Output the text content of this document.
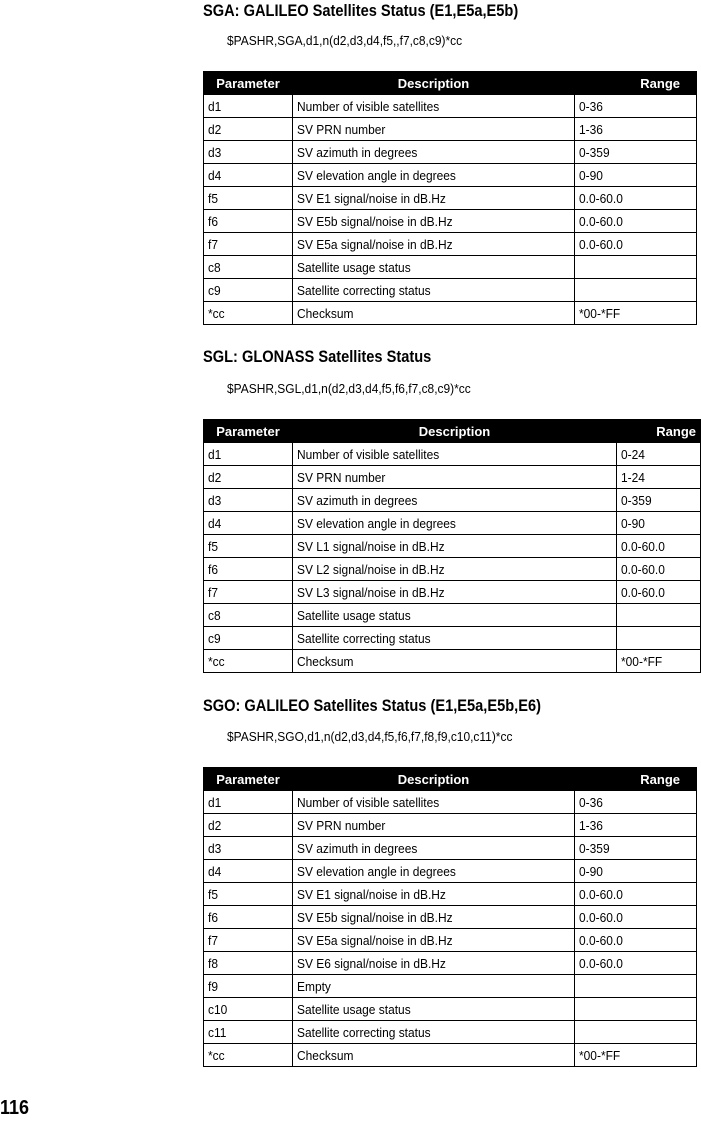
SGA: GALILEO Satellites Status (E1,E5a,E5b)
$PASHR,SGA,d1,n(d2,d3,d4,f5,,f7,c8,c9)*cc
Parameter	Description	Range
d1	Number of visible satellites	0-36
d2	SV PRN number	1-36
d3	SV azimuth in degrees	0-359
d4	SV elevation angle in degrees	0-90
f5	SV E1 signal/noise in dB.Hz	0.0-60.0
f6	SV E5b signal/noise in dB.Hz	0.0-60.0
f7	SV E5a signal/noise in dB.Hz	0.0-60.0
c8	Satellite usage status	
c9	Satellite correcting status	
*cc	Checksum	*00-*FF
SGL: GLONASS Satellites Status
$PASHR,SGL,d1,n(d2,d3,d4,f5,f6,f7,c8,c9)*cc
Parameter	Description	Range
d1	Number of visible satellites	0-24
d2	SV PRN number	1-24
d3	SV azimuth in degrees	0-359
d4	SV elevation angle in degrees	0-90
f5	SV L1 signal/noise in dB.Hz	0.0-60.0
f6	SV L2 signal/noise in dB.Hz	0.0-60.0
f7	SV L3 signal/noise in dB.Hz	0.0-60.0
c8	Satellite usage status	
c9	Satellite correcting status	
*cc	Checksum	*00-*FF
SGO: GALILEO Satellites Status (E1,E5a,E5b,E6)
$PASHR,SGO,d1,n(d2,d3,d4,f5,f6,f7,f8,f9,c10,c11)*cc
Parameter	Description	Range
d1	Number of visible satellites	0-36
d2	SV PRN number	1-36
d3	SV azimuth in degrees	0-359
d4	SV elevation angle in degrees	0-90
f5	SV E1 signal/noise in dB.Hz	0.0-60.0
f6	SV E5b signal/noise in dB.Hz	0.0-60.0
f7	SV E5a signal/noise in dB.Hz	0.0-60.0
f8	SV E6 signal/noise in dB.Hz	0.0-60.0
f9	Empty	
c10	Satellite usage status	
c11	Satellite correcting status	
*cc	Checksum	*00-*FF
116
